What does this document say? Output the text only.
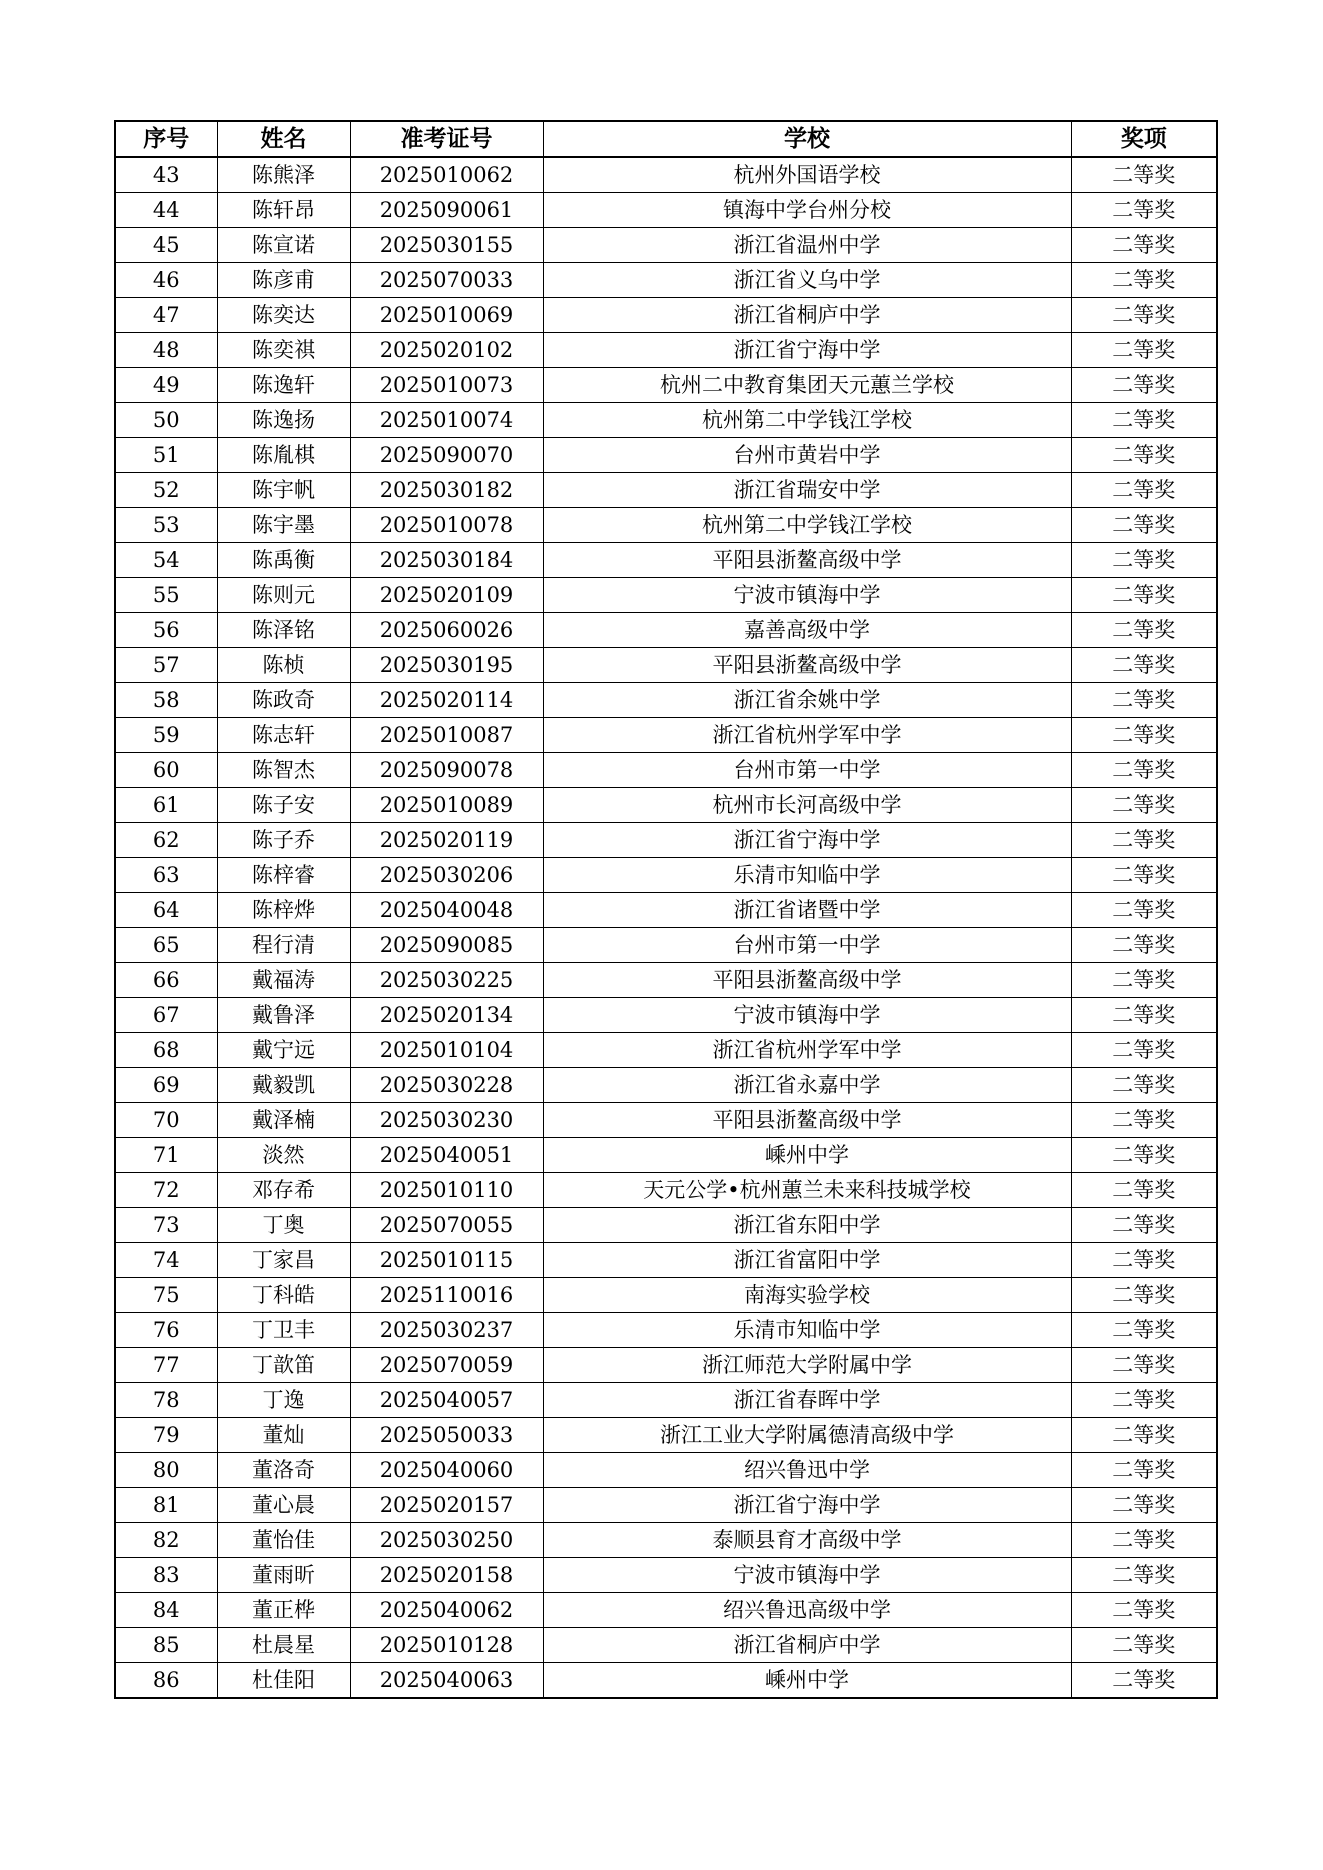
序号	姓名	准考证号	学校	奖项
43	陈熊泽	2025010062	杭州外国语学校	二等奖
44	陈轩昂	2025090061	镇海中学台州分校	二等奖
45	陈宣诺	2025030155	浙江省温州中学	二等奖
46	陈彦甫	2025070033	浙江省义乌中学	二等奖
47	陈奕达	2025010069	浙江省桐庐中学	二等奖
48	陈奕祺	2025020102	浙江省宁海中学	二等奖
49	陈逸轩	2025010073	杭州二中教育集团天元蕙兰学校	二等奖
50	陈逸扬	2025010074	杭州第二中学钱江学校	二等奖
51	陈胤棋	2025090070	台州市黄岩中学	二等奖
52	陈宇帆	2025030182	浙江省瑞安中学	二等奖
53	陈宇墨	2025010078	杭州第二中学钱江学校	二等奖
54	陈禹衡	2025030184	平阳县浙鳌高级中学	二等奖
55	陈则元	2025020109	宁波市镇海中学	二等奖
56	陈泽铭	2025060026	嘉善高级中学	二等奖
57	陈桢	2025030195	平阳县浙鳌高级中学	二等奖
58	陈政奇	2025020114	浙江省余姚中学	二等奖
59	陈志轩	2025010087	浙江省杭州学军中学	二等奖
60	陈智杰	2025090078	台州市第一中学	二等奖
61	陈子安	2025010089	杭州市长河高级中学	二等奖
62	陈子乔	2025020119	浙江省宁海中学	二等奖
63	陈梓睿	2025030206	乐清市知临中学	二等奖
64	陈梓烨	2025040048	浙江省诸暨中学	二等奖
65	程行清	2025090085	台州市第一中学	二等奖
66	戴福涛	2025030225	平阳县浙鳌高级中学	二等奖
67	戴鲁泽	2025020134	宁波市镇海中学	二等奖
68	戴宁远	2025010104	浙江省杭州学军中学	二等奖
69	戴毅凯	2025030228	浙江省永嘉中学	二等奖
70	戴泽楠	2025030230	平阳县浙鳌高级中学	二等奖
71	淡然	2025040051	嵊州中学	二等奖
72	邓存希	2025010110	天元公学•杭州蕙兰未来科技城学校	二等奖
73	丁奥	2025070055	浙江省东阳中学	二等奖
74	丁家昌	2025010115	浙江省富阳中学	二等奖
75	丁科皓	2025110016	南海实验学校	二等奖
76	丁卫丰	2025030237	乐清市知临中学	二等奖
77	丁歆笛	2025070059	浙江师范大学附属中学	二等奖
78	丁逸	2025040057	浙江省春晖中学	二等奖
79	董灿	2025050033	浙江工业大学附属德清高级中学	二等奖
80	董洛奇	2025040060	绍兴鲁迅中学	二等奖
81	董心晨	2025020157	浙江省宁海中学	二等奖
82	董怡佳	2025030250	泰顺县育才高级中学	二等奖
83	董雨昕	2025020158	宁波市镇海中学	二等奖
84	董正桦	2025040062	绍兴鲁迅高级中学	二等奖
85	杜晨星	2025010128	浙江省桐庐中学	二等奖
86	杜佳阳	2025040063	嵊州中学	二等奖
